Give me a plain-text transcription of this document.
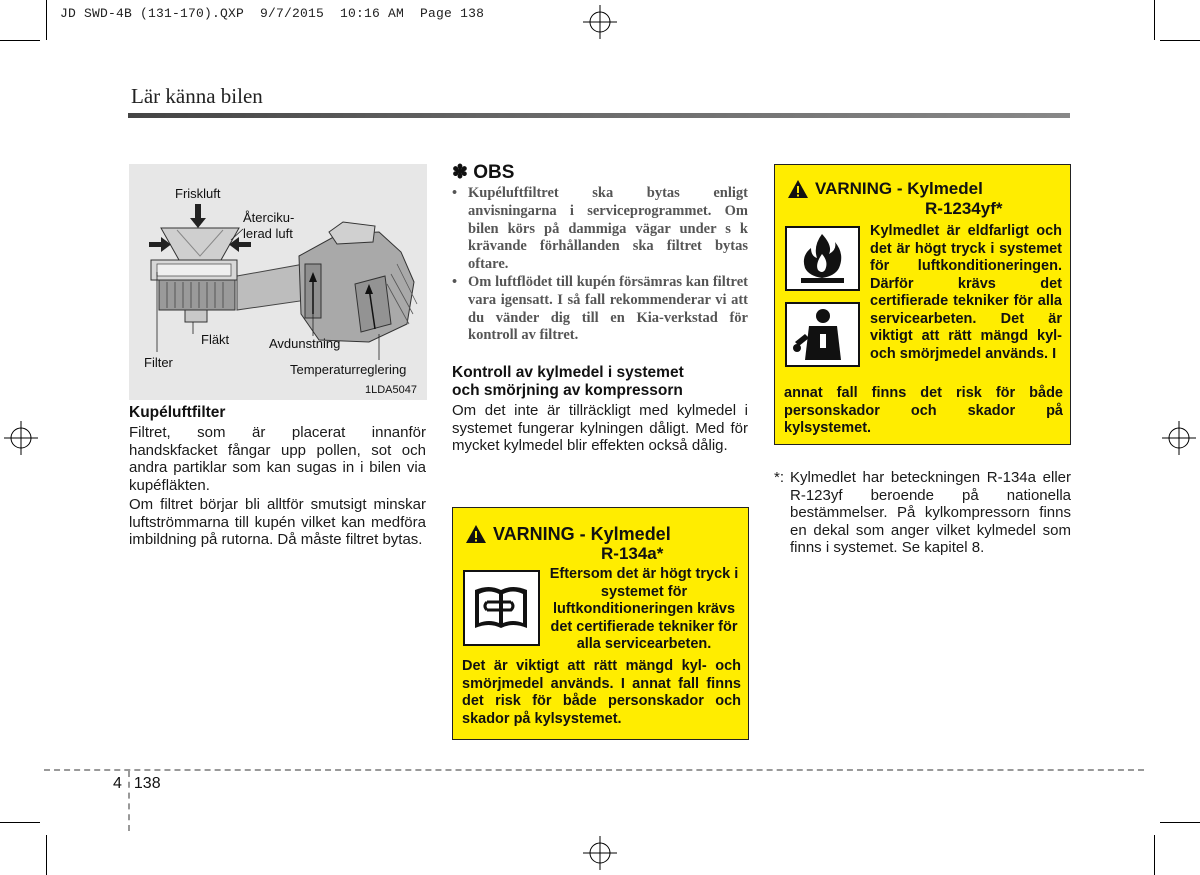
JD SWD-4B (131-170).QXP  9/7/2015  10:16 AM  Page 138
Lär känna bilen
Friskluft
Återciku-
lerad luft
Fläkt	Avdunstning
Filter	Temperaturreglering
1LDA5047
Kupéluftfilter
Filtret, som är placerat innanför handskfacket fångar upp pollen, sot och andra partiklar som kan sugas in i bilen via kupéfläkten.
Om filtret börjar bli alltför smutsigt minskar luftströmmarna till kupén vilket kan medföra imbildning på rutorna. Då måste filtret bytas.
✽ OBS
• Kupéluftfiltret ska bytas enligt anvisningarna i serviceprogrammet. Om bilen körs på dammiga vägar under s k krävande förhållanden ska filtret bytas oftare.
• Om luftflödet till kupén försämras kan filtret vara igensatt. I så fall rekommenderar vi att du vänder dig till en Kia-verkstad för kontroll av filtret.
Kontroll av kylmedel i systemet
och smörjning av kompressorn
Om det inte är tillräckligt med kylmedel i systemet fungerar kylningen dåligt. Med för mycket kylmedel blir effekten också dålig.
VARNING - Kylmedel
R-134a*
Eftersom det är högt tryck i systemet för luftkonditioneringen krävs det certifierade tekniker för alla servicearbeten.
Det är viktigt att rätt mängd kyl- och smörjmedel används. I annat fall finns det risk för både personskador och skador på kylsystemet.
VARNING - Kylmedel
R-1234yf*
Kylmedlet är eldfarligt och det är högt tryck i systemet för luftkonditioneringen. Därför krävs det certifierade tekniker för alla servicearbeten. Det är viktigt att rätt mängd kyl- och smörjmedel används. I
annat fall finns det risk för både personskador och skador på kylsystemet.
*: Kylmedlet har beteckningen R-134a eller R-123yf beroende på nationella bestämmelser. På kylkompressorn finns en dekal som anger vilket kylmedel som finns i systemet. Se kapitel 8.
4 138
